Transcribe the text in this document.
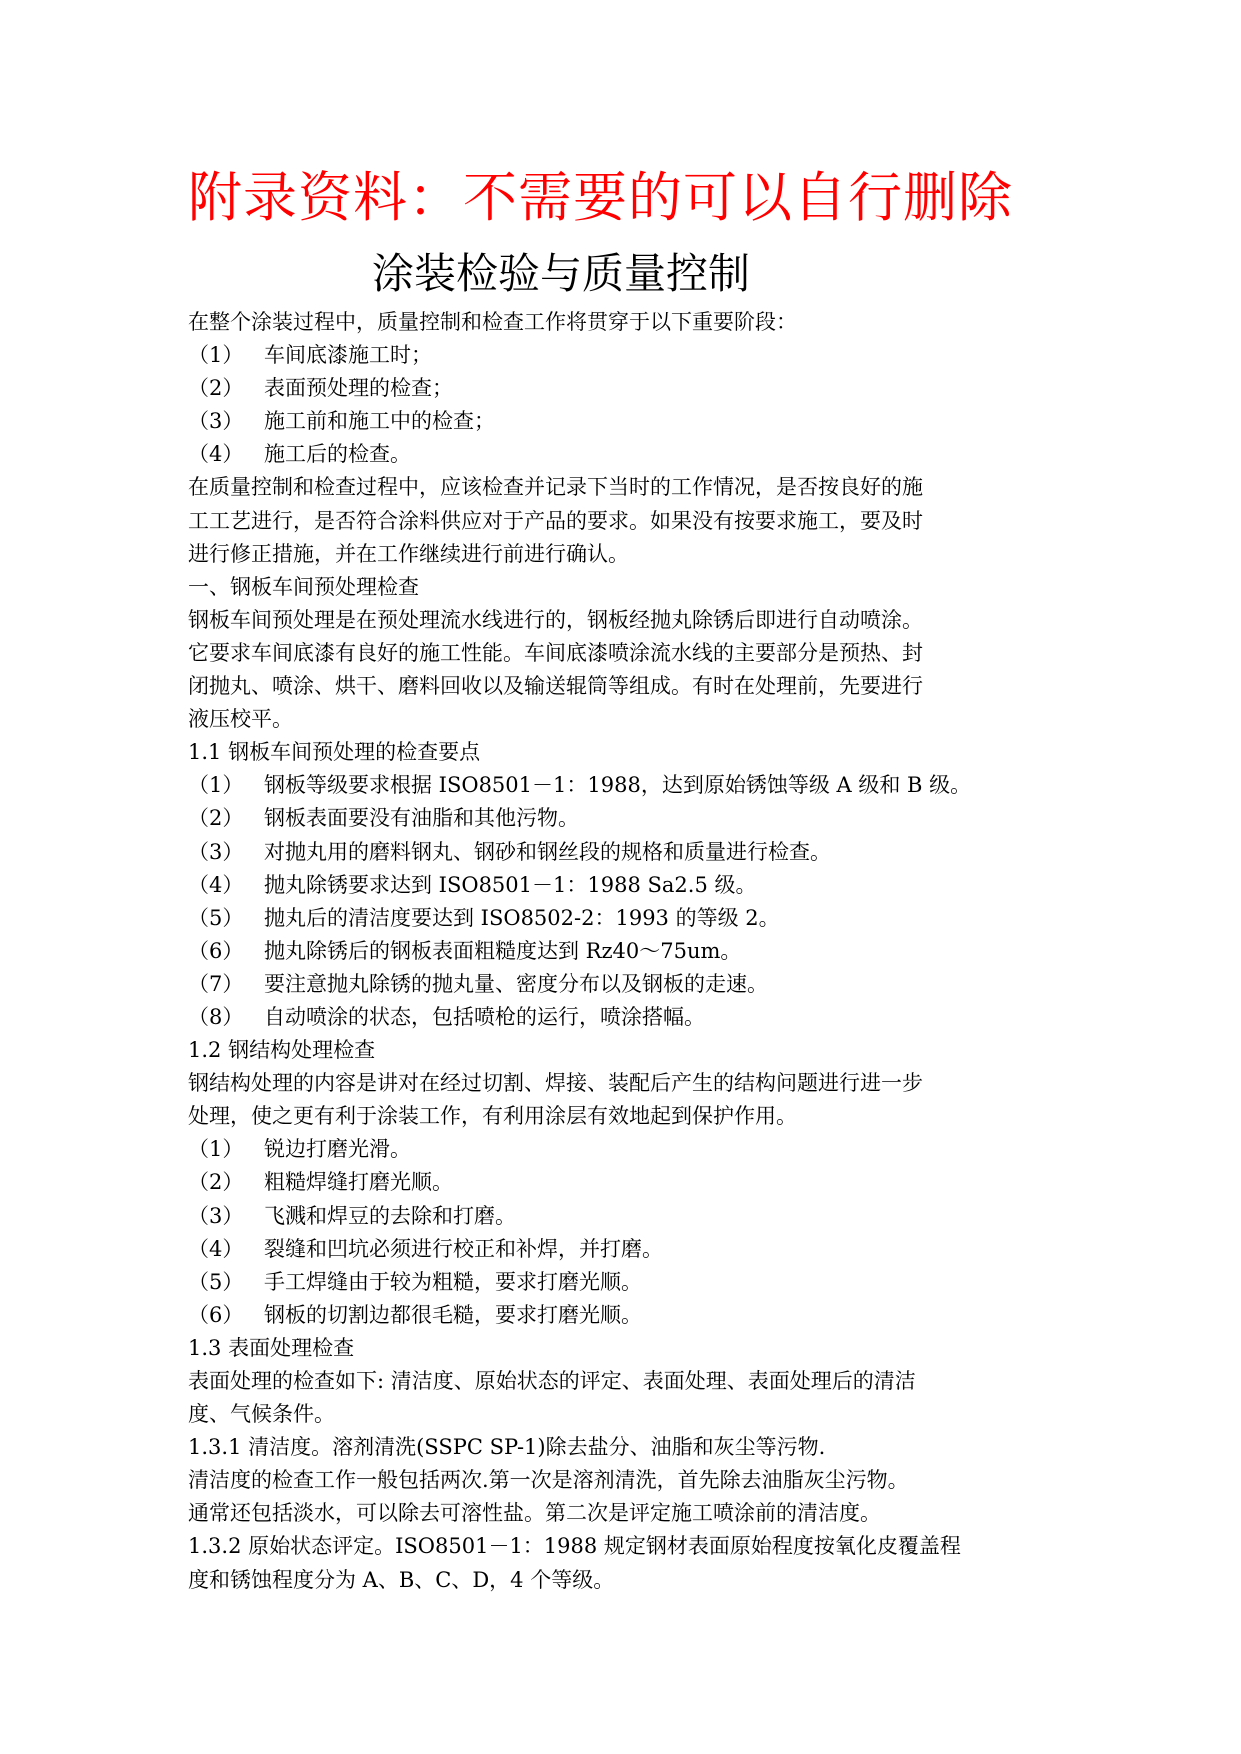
附录资料：不需要的可以自行删除
涂装检验与质量控制
在整个涂装过程中，质量控制和检查工作将贯穿于以下重要阶段：
（1） 车间底漆施工时；
（2） 表面预处理的检查；
（3） 施工前和施工中的检查；
（4） 施工后的检查。
在质量控制和检查过程中，应该检查并记录下当时的工作情况，是否按良好的施
工工艺进行，是否符合涂料供应对于产品的要求。如果没有按要求施工，要及时
进行修正措施，并在工作继续进行前进行确认。
一、钢板车间预处理检查
钢板车间预处理是在预处理流水线进行的，钢板经抛丸除锈后即进行自动喷涂。
它要求车间底漆有良好的施工性能。车间底漆喷涂流水线的主要部分是预热、封
闭抛丸、喷涂、烘干、磨料回收以及输送辊筒等组成。有时在处理前，先要进行
液压校平。
1.1 钢板车间预处理的检查要点
（1） 钢板等级要求根据 ISO8501－1：1988，达到原始锈蚀等级 A 级和 B 级。
（2） 钢板表面要没有油脂和其他污物。
（3） 对抛丸用的磨料钢丸、钢砂和钢丝段的规格和质量进行检查。
（4） 抛丸除锈要求达到 ISO8501－1：1988 Sa2.5 级。
（5） 抛丸后的清洁度要达到 ISO8502-2：1993 的等级 2。
（6） 抛丸除锈后的钢板表面粗糙度达到 Rz40～75um。
（7） 要注意抛丸除锈的抛丸量、密度分布以及钢板的走速。
（8） 自动喷涂的状态，包括喷枪的运行，喷涂搭幅。
1.2 钢结构处理检查
钢结构处理的内容是讲对在经过切割、焊接、装配后产生的结构问题进行进一步
处理，使之更有利于涂装工作，有利用涂层有效地起到保护作用。
（1） 锐边打磨光滑。
（2） 粗糙焊缝打磨光顺。
（3） 飞溅和焊豆的去除和打磨。
（4） 裂缝和凹坑必须进行校正和补焊，并打磨。
（5） 手工焊缝由于较为粗糙，要求打磨光顺。
（6） 钢板的切割边都很毛糙，要求打磨光顺。
1.3 表面处理检查
表面处理的检查如下: 清洁度、原始状态的评定、表面处理、表面处理后的清洁
度、气候条件。
1.3.1 清洁度。溶剂清洗(SSPC SP-1)除去盐分、油脂和灰尘等污物.
清洁度的检查工作一般包括两次.第一次是溶剂清洗，首先除去油脂灰尘污物。
通常还包括淡水，可以除去可溶性盐。第二次是评定施工喷涂前的清洁度。
1.3.2 原始状态评定。ISO8501－1：1988 规定钢材表面原始程度按氧化皮覆盖程
度和锈蚀程度分为 A、B、C、D，4 个等级。
